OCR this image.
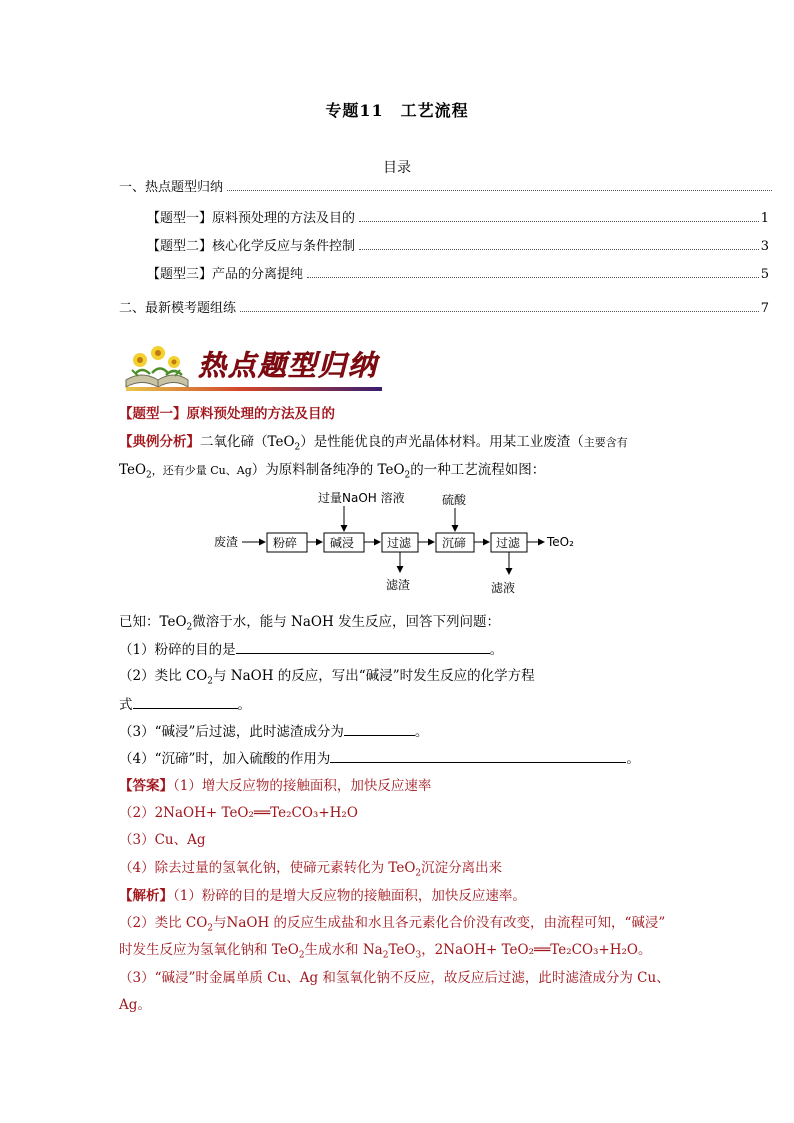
专题11　工艺流程
目录
一、热点题型归纳
【题型一】原料预处理的方法及目的	1
【题型二】核心化学反应与条件控制	3
【题型三】产品的分离提纯	5
二、最新模考题组练	7
热点题型归纳
【题型一】原料预处理的方法及目的
【典例分析】二氧化碲（TeO$_2$）是性能优良的声光晶体材料。用某工业废渣（主要含有
TeO$_2$，还有少量 Cu、Ag）为原料制备纯净的 TeO$_2$的一种工艺流程如图：
废渣	粉碎	碱浸	过滤	沉碲 过滤 TeO₂
过量NaOH 溶液	硫酸
滤渣	滤液
已知：TeO$_2$微溶于水，能与 NaOH 发生反应，回答下列问题：
（1）粉碎的目的是	。
（2）类比 $CO_2$与 NaOH 的反应，写出“碱浸”时发生反应的化学方程
式	。
（3）“碱浸”后过滤，此时滤渣成分为	。
（4）“沉碲”时，加入硫酸的作用为	。
【答案】（1）增大反应物的接触面积，加快反应速率
（2）2NaOH+ TeO₂══Te₂CO₃+H₂O
（3）Cu、Ag
（4）除去过量的氢氧化钠，使碲元素转化为 TeO$_2$沉淀分离出来
【解析】（1）粉碎的目的是增大反应物的接触面积，加快反应速率。
（2）类比 $CO_2$与NaOH 的反应生成盐和水且各元素化合价没有改变，由流程可知，“碱浸”
时发生反应为氢氧化钠和 TeO$_2$生成水和 $Na_2TeO_3$，2NaOH+ TeO₂══Te₂CO₃+H₂O。
（3）“碱浸”时金属单质 Cu、Ag 和氢氧化钠不反应，故反应后过滤，此时滤渣成分为 Cu、
Ag。
